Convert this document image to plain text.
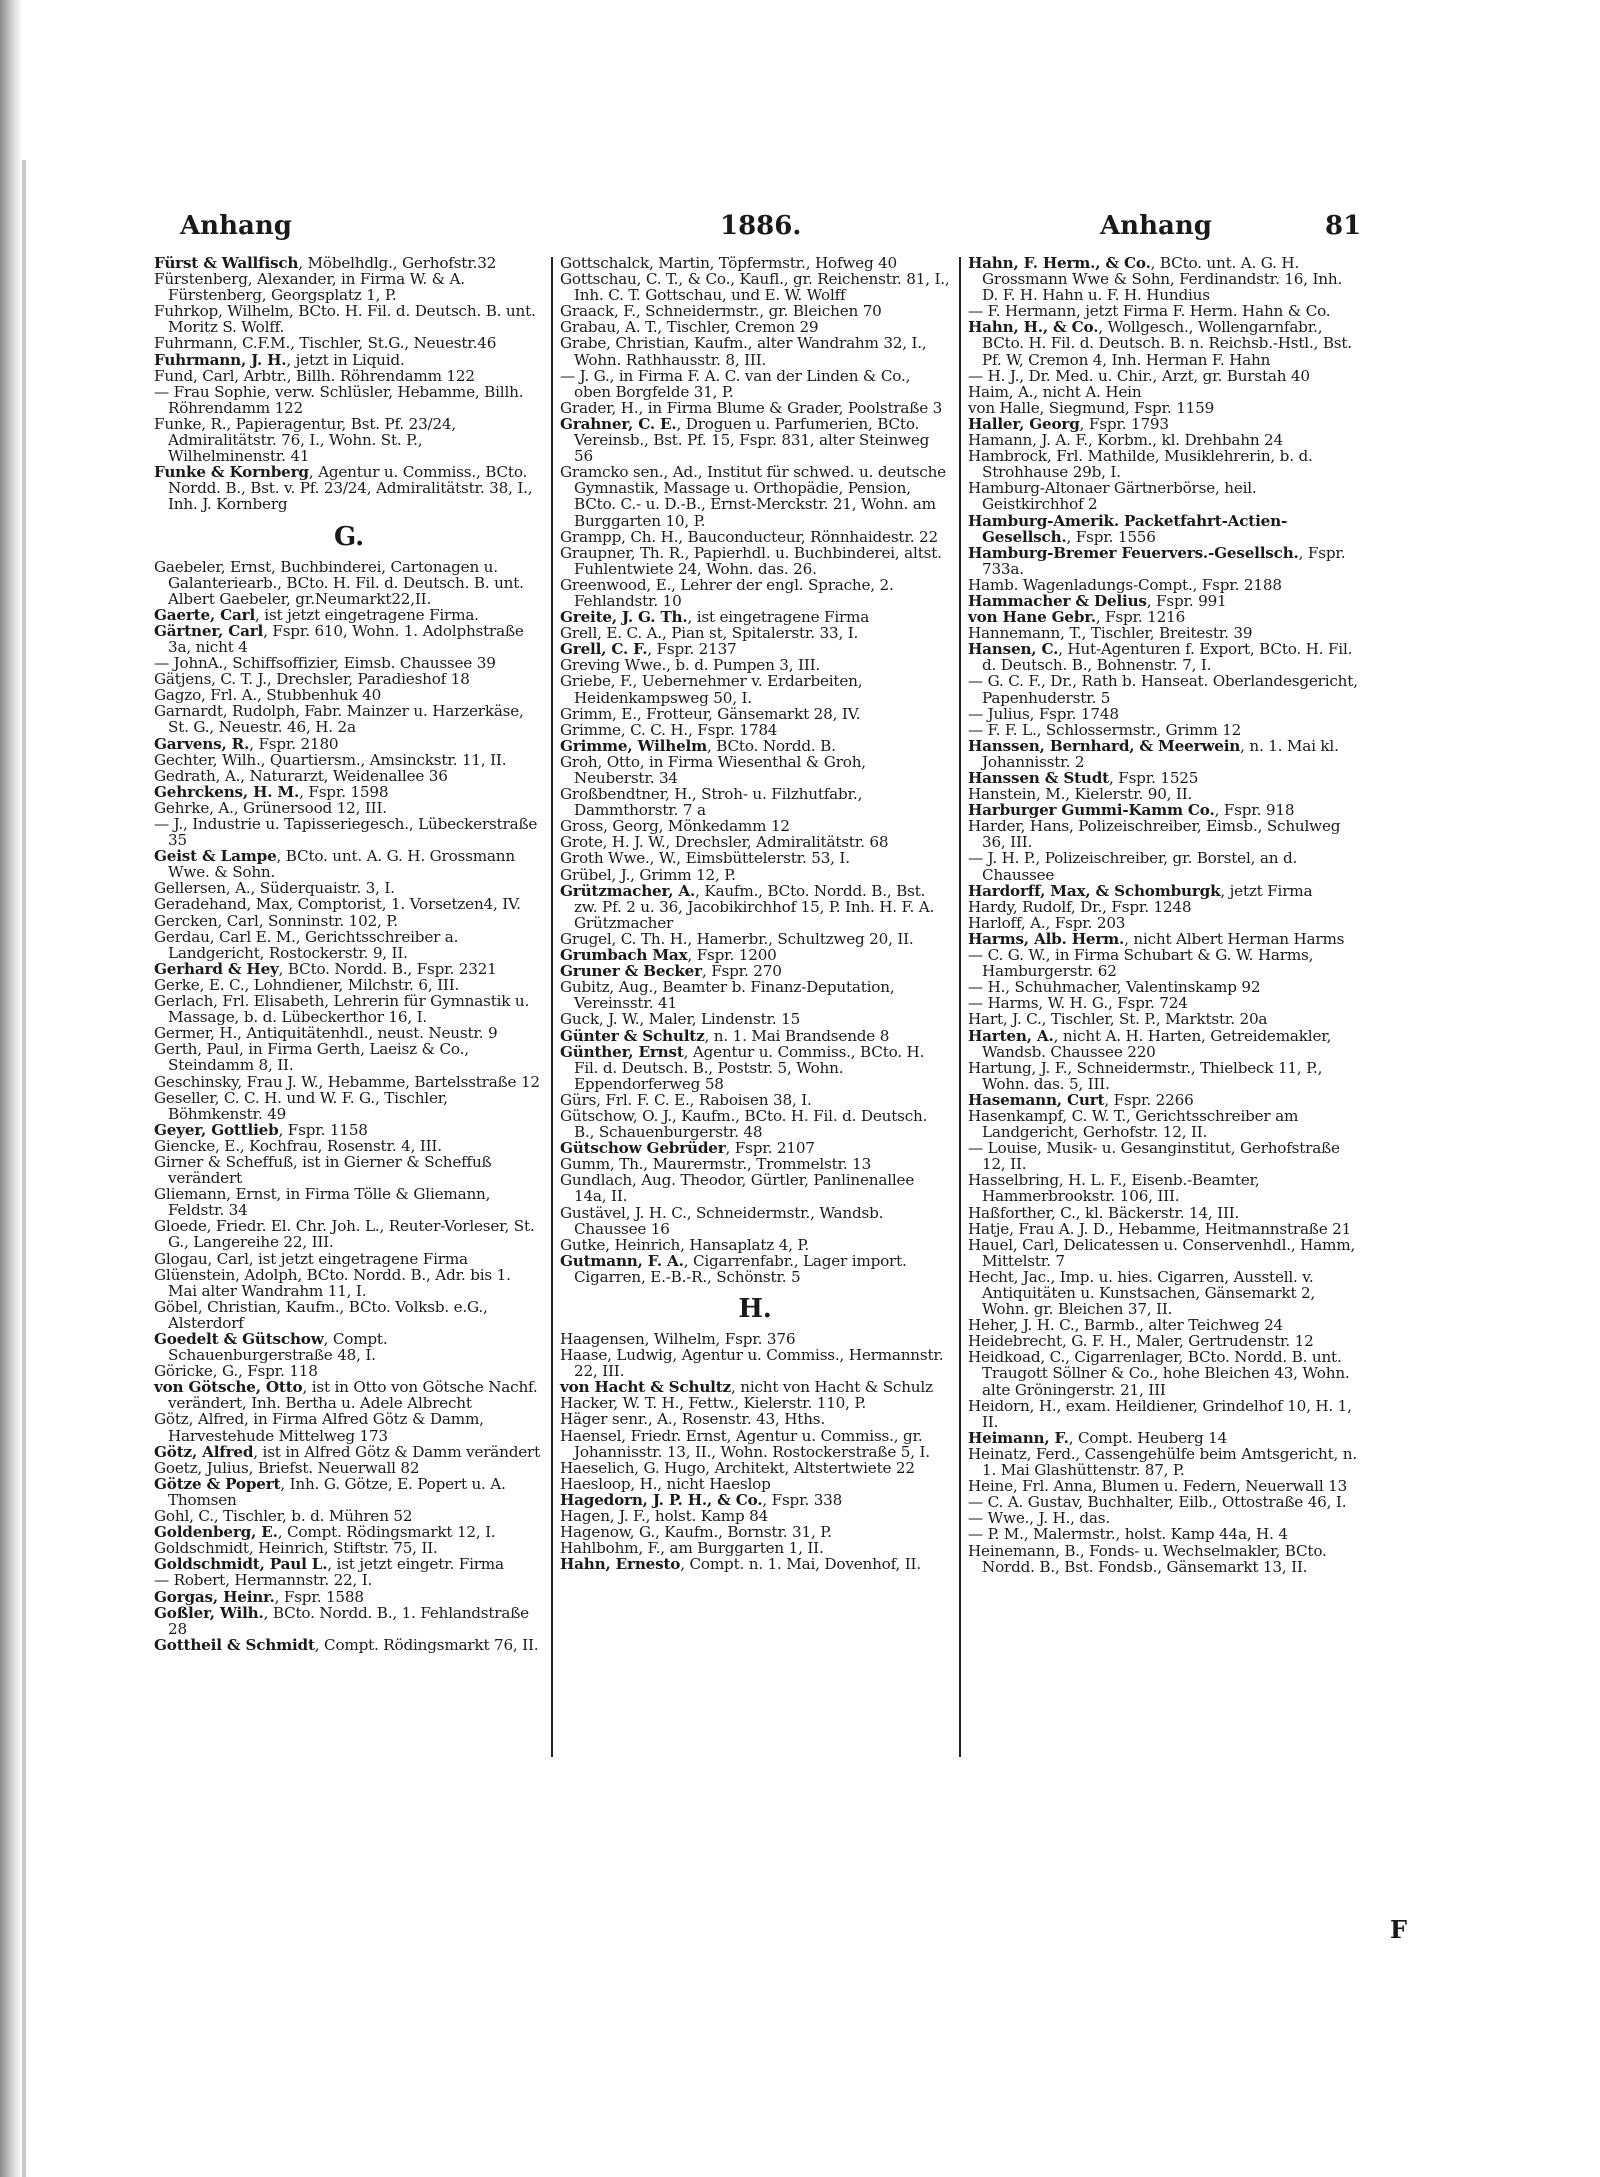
Anhang	1886.	Anhang	81
Fürst & Wallfisch, Möbelhdlg., Gerhofstr.32
Fürstenberg, Alexander, in Firma W. & A. Fürstenberg, Georgsplatz 1, P.
Fuhrkop, Wilhelm, BCto. H. Fil. d. Deutsch. B. unt. Moritz S. Wolff.
Fuhrmann, C.F.M., Tischler, St.G., Neuestr.46
Fuhrmann, J. H., jetzt in Liquid.
Fund, Carl, Arbtr., Billh. Röhrendamm 122
— Frau Sophie, verw. Schlüsler, Hebamme, Billh. Röhrendamm 122
Funke, R., Papieragentur, Bst. Pf. 23/24, Admiralitätstr. 76, I., Wohn. St. P., Wilhelminenstr. 41
Funke & Kornberg, Agentur u. Commiss., BCto. Nordd. B., Bst. v. Pf. 23/24, Admiralitätstr. 38, I., Inh. J. Kornberg
G.
Gaebeler, Ernst, Buchbinderei, Cartonagen u. Galanteriearb., BCto. H. Fil. d. Deutsch. B. unt. Albert Gaebeler, gr.Neumarkt22,II.
Gaerte, Carl, ist jetzt eingetragene Firma.
Gärtner, Carl, Fspr. 610, Wohn. 1. Adolphstraße 3a, nicht 4
— JohnA., Schiffsoffizier, Eimsb. Chaussee 39
Gätjens, C. T. J., Drechsler, Paradieshof 18
Gagzo, Frl. A., Stubbenhuk 40
Garnardt, Rudolph, Fabr. Mainzer u. Harzerkäse, St. G., Neuestr. 46, H. 2a
Garvens, R., Fspr. 2180
Gechter, Wilh., Quartiersm., Amsinckstr. 11, II.
Gedrath, A., Naturarzt, Weidenallee 36
Gehrckens, H. M., Fspr. 1598
Gehrke, A., Grünersood 12, III.
— J., Industrie u. Tapisseriegesch., Lübeckerstraße 35
Geist & Lampe, BCto. unt. A. G. H. Grossmann Wwe. & Sohn.
Gellersen, A., Süderquaistr. 3, I.
Geradehand, Max, Comptorist, 1. Vorsetzen4, IV.
Gercken, Carl, Sonninstr. 102, P.
Gerdau, Carl E. M., Gerichtsschreiber a. Landgericht, Rostockerstr. 9, II.
Gerhard & Hey, BCto. Nordd. B., Fspr. 2321
Gerke, E. C., Lohndiener, Milchstr. 6, III.
Gerlach, Frl. Elisabeth, Lehrerin für Gymnastik u. Massage, b. d. Lübeckerthor 16, I.
Germer, H., Antiquitätenhdl., neust. Neustr. 9
Gerth, Paul, in Firma Gerth, Laeisz & Co., Steindamm 8, II.
Geschinsky, Frau J. W., Hebamme, Bartelsstraße 12
Geseller, C. C. H. und W. F. G., Tischler, Böhmkenstr. 49
Geyer, Gottlieb, Fspr. 1158
Giencke, E., Kochfrau, Rosenstr. 4, III.
Girner & Scheffuß, ist in Gierner & Scheffuß verändert
Gliemann, Ernst, in Firma Tölle & Gliemann, Feldstr. 34
Gloede, Friedr. El. Chr. Joh. L., Reuter-Vorleser, St. G., Langereihe 22, III.
Glogau, Carl, ist jetzt eingetragene Firma
Glüenstein, Adolph, BCto. Nordd. B., Adr. bis 1. Mai alter Wandrahm 11, I.
Göbel, Christian, Kaufm., BCto. Volksb. e.G., Alsterdorf
Goedelt & Gütschow, Compt. Schauenburgerstraße 48, I.
Göricke, G., Fspr. 118
von Götsche, Otto, ist in Otto von Götsche Nachf. verändert, Inh. Bertha u. Adele Albrecht
Götz, Alfred, in Firma Alfred Götz & Damm, Harvestehude Mittelweg 173
Götz, Alfred, ist in Alfred Götz & Damm verändert
Goetz, Julius, Briefst. Neuerwall 82
Götze & Popert, Inh. G. Götze, E. Popert u. A. Thomsen
Gohl, C., Tischler, b. d. Mühren 52
Goldenberg, E., Compt. Rödingsmarkt 12, I.
Goldschmidt, Heinrich, Stiftstr. 75, II.
Goldschmidt, Paul L., ist jetzt eingetr. Firma
— Robert, Hermannstr. 22, I.
Gorgas, Heinr., Fspr. 1588
Goßler, Wilh., BCto. Nordd. B., 1. Fehlandstraße 28
Gottheil & Schmidt, Compt. Rödingsmarkt 76, II.
Gottschalck, Martin, Töpfermstr., Hofweg 40
Gottschau, C. T., & Co., Kaufl., gr. Reichenstr. 81, I., Inh. C. T. Gottschau, und E. W. Wolff
Graack, F., Schneidermstr., gr. Bleichen 70
Grabau, A. T., Tischler, Cremon 29
Grabe, Christian, Kaufm., alter Wandrahm 32, I., Wohn. Rathhausstr. 8, III.
— J. G., in Firma F. A. C. van der Linden & Co., oben Borgfelde 31, P.
Grader, H., in Firma Blume & Grader, Poolstraße 3
Grahner, C. E., Droguen u. Parfumerien, BCto. Vereinsb., Bst. Pf. 15, Fspr. 831, alter Steinweg 56
Gramcko sen., Ad., Institut für schwed. u. deutsche Gymnastik, Massage u. Orthopädie, Pension, BCto. C.- u. D.-B., Ernst-Merckstr. 21, Wohn. am Burggarten 10, P.
Grampp, Ch. H., Bauconducteur, Rönnhaidestr. 22
Graupner, Th. R., Papierhdl. u. Buchbinderei, altst. Fuhlentwiete 24, Wohn. das. 26.
Greenwood, E., Lehrer der engl. Sprache, 2. Fehlandstr. 10
Greite, J. G. Th., ist eingetragene Firma
Grell, E. C. A., Pian st, Spitalerstr. 33, I.
Grell, C. F., Fspr. 2137
Greving Wwe., b. d. Pumpen 3, III.
Griebe, F., Uebernehmer v. Erdarbeiten, Heidenkampsweg 50, I.
Grimm, E., Frotteur, Gänsemarkt 28, IV.
Grimme, C. C. H., Fspr. 1784
Grimme, Wilhelm, BCto. Nordd. B.
Groh, Otto, in Firma Wiesenthal & Groh, Neuberstr. 34
Großbendtner, H., Stroh- u. Filzhutfabr., Dammthorstr. 7 a
Gross, Georg, Mönkedamm 12
Grote, H. J. W., Drechsler, Admiralitätstr. 68
Groth Wwe., W., Eimsbüttelerstr. 53, I.
Grübel, J., Grimm 12, P.
Grützmacher, A., Kaufm., BCto. Nordd. B., Bst. zw. Pf. 2 u. 36, Jacobikirchhof 15, P. Inh. H. F. A. Grützmacher
Grugel, C. Th. H., Hamerbr., Schultzweg 20, II.
Grumbach Max, Fspr. 1200
Gruner & Becker, Fspr. 270
Gubitz, Aug., Beamter b. Finanz-Deputation, Vereinsstr. 41
Guck, J. W., Maler, Lindenstr. 15
Günter & Schultz, n. 1. Mai Brandsende 8
Günther, Ernst, Agentur u. Commiss., BCto. H. Fil. d. Deutsch. B., Poststr. 5, Wohn. Eppendorferweg 58
Gürs, Frl. F. C. E., Raboisen 38, I.
Gütschow, O. J., Kaufm., BCto. H. Fil. d. Deutsch. B., Schauenburgerstr. 48
Gütschow Gebrüder, Fspr. 2107
Gumm, Th., Maurermstr., Trommelstr. 13
Gundlach, Aug. Theodor, Gürtler, Panlinenallee 14a, II.
Gustävel, J. H. C., Schneidermstr., Wandsb. Chaussee 16
Gutke, Heinrich, Hansaplatz 4, P.
Gutmann, F. A., Cigarrenfabr., Lager import. Cigarren, E.-B.-R., Schönstr. 5
H.
Haagensen, Wilhelm, Fspr. 376
Haase, Ludwig, Agentur u. Commiss., Hermannstr. 22, III.
von Hacht & Schultz, nicht von Hacht & Schulz
Hacker, W. T. H., Fettw., Kielerstr. 110, P.
Häger senr., A., Rosenstr. 43, Hths.
Haensel, Friedr. Ernst, Agentur u. Commiss., gr. Johannisstr. 13, II., Wohn. Rostockerstraße 5, I.
Haeselich, G. Hugo, Architekt, Altstertwiete 22
Haesloop, H., nicht Haeslop
Hagedorn, J. P. H., & Co., Fspr. 338
Hagen, J. F., holst. Kamp 84
Hagenow, G., Kaufm., Bornstr. 31, P.
Hahlbohm, F., am Burggarten 1, II.
Hahn, Ernesto, Compt. n. 1. Mai, Dovenhof, II.
Hahn, F. Herm., & Co., BCto. unt. A. G. H. Grossmann Wwe & Sohn, Ferdinandstr. 16, Inh. D. F. H. Hahn u. F. H. Hundius
— F. Hermann, jetzt Firma F. Herm. Hahn & Co.
Hahn, H., & Co., Wollgesch., Wollengarnfabr., BCto. H. Fil. d. Deutsch. B. n. Reichsb.-Hstl., Bst. Pf. W, Cremon 4, Inh. Herman F. Hahn
— H. J., Dr. Med. u. Chir., Arzt, gr. Burstah 40
Haim, A., nicht A. Hein
von Halle, Siegmund, Fspr. 1159
Haller, Georg, Fspr. 1793
Hamann, J. A. F., Korbm., kl. Drehbahn 24
Hambrock, Frl. Mathilde, Musiklehrerin, b. d. Strohhause 29b, I.
Hamburg-Altonaer Gärtnerbörse, heil. Geistkirchhof 2
Hamburg-Amerik. Packetfahrt-Actien-Gesellsch., Fspr. 1556
Hamburg-Bremer Feuervers.-Gesellsch., Fspr. 733a.
Hamb. Wagenladungs-Compt., Fspr. 2188
Hammacher & Delius, Fspr. 991
von Hane Gebr., Fspr. 1216
Hannemann, T., Tischler, Breitestr. 39
Hansen, C., Hut-Agenturen f. Export, BCto. H. Fil. d. Deutsch. B., Bohnenstr. 7, I.
— G. C. F., Dr., Rath b. Hanseat. Oberlandesgericht, Papenhuderstr. 5
— Julius, Fspr. 1748
— F. F. L., Schlossermstr., Grimm 12
Hanssen, Bernhard, & Meerwein, n. 1. Mai kl. Johannisstr. 2
Hanssen & Studt, Fspr. 1525
Hanstein, M., Kielerstr. 90, II.
Harburger Gummi-Kamm Co., Fspr. 918
Harder, Hans, Polizeischreiber, Eimsb., Schulweg 36, III.
— J. H. P., Polizeischreiber, gr. Borstel, an d. Chaussee
Hardorff, Max, & Schomburgk, jetzt Firma
Hardy, Rudolf, Dr., Fspr. 1248
Harloff, A., Fspr. 203
Harms, Alb. Herm., nicht Albert Herman Harms
— C. G. W., in Firma Schubart & G. W. Harms, Hamburgerstr. 62
— H., Schuhmacher, Valentinskamp 92
— Harms, W. H. G., Fspr. 724
Hart, J. C., Tischler, St. P., Marktstr. 20a
Harten, A., nicht A. H. Harten, Getreidemakler, Wandsb. Chaussee 220
Hartung, J. F., Schneidermstr., Thielbeck 11, P., Wohn. das. 5, III.
Hasemann, Curt, Fspr. 2266
Hasenkampf, C. W. T., Gerichtsschreiber am Landgericht, Gerhofstr. 12, II.
— Louise, Musik- u. Gesanginstitut, Gerhofstraße 12, II.
Hasselbring, H. L. F., Eisenb.-Beamter, Hammerbrookstr. 106, III.
Haßforther, C., kl. Bäckerstr. 14, III.
Hatje, Frau A. J. D., Hebamme, Heitmannstraße 21
Hauel, Carl, Delicatessen u. Conservenhdl., Hamm, Mittelstr. 7
Hecht, Jac., Imp. u. hies. Cigarren, Ausstell. v. Antiquitäten u. Kunstsachen, Gänsemarkt 2, Wohn. gr. Bleichen 37, II.
Heher, J. H. C., Barmb., alter Teichweg 24
Heidebrecht, G. F. H., Maler, Gertrudenstr. 12
Heidkoad, C., Cigarrenlager, BCto. Nordd. B. unt. Traugott Söllner & Co., hohe Bleichen 43, Wohn. alte Gröningerstr. 21, III
Heidorn, H., exam. Heildiener, Grindelhof 10, H. 1, II.
Heimann, F., Compt. Heuberg 14
Heinatz, Ferd., Cassengehülfe beim Amtsgericht, n. 1. Mai Glashüttenstr. 87, P.
Heine, Frl. Anna, Blumen u. Federn, Neuerwall 13
— C. A. Gustav, Buchhalter, Eilb., Ottostraße 46, I.
— Wwe., J. H., das.
— P. M., Malermstr., holst. Kamp 44a, H. 4
Heinemann, B., Fonds- u. Wechselmakler, BCto. Nordd. B., Bst. Fondsb., Gänsemarkt 13, II.
F
